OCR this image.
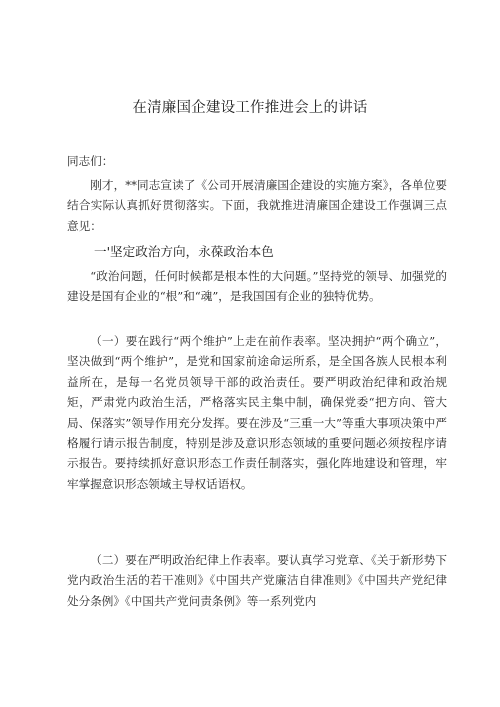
在清廉国企建设工作推进会上的讲话
同志们：

刚才，**同志宣读了《公司开展清廉国企建设的实施方案》，各单位要结合实际认真抓好贯彻落实。下面，我就推进清廉国企建设工作强调三点意见：

一'坚定政治方向，永葆政治本色

“政治问题，任何时候都是根本性的大问题。”坚持党的领导、加强党的建设是国有企业的“根”和“魂”，是我国国有企业的独特优势。

（一）要在践行“两个维护”上走在前作表率。坚决拥护“两个确立”，坚决做到“两个维护”，是党和国家前途命运所系，是全国各族人民根本利益所在，是每一名党员领导干部的政治责任。要严明政治纪律和政治规矩，严肃党内政治生活，严格落实民主集中制，确保党委“把方向、管大局、保落实”领导作用充分发挥。要在涉及“三重一大”等重大事项决策中严格履行请示报告制度，特别是涉及意识形态领域的重要问题必须按程序请示报告。要持续抓好意识形态工作责任制落实，强化阵地建设和管理，牢牢掌握意识形态领域主导权话语权。

（二）要在严明政治纪律上作表率。要认真学习党章、《关于新形势下党内政治生活的若干准则》《中国共产党廉洁自律准则》《中国共产党纪律处分条例》《中国共产党问责条例》等一系列党内
